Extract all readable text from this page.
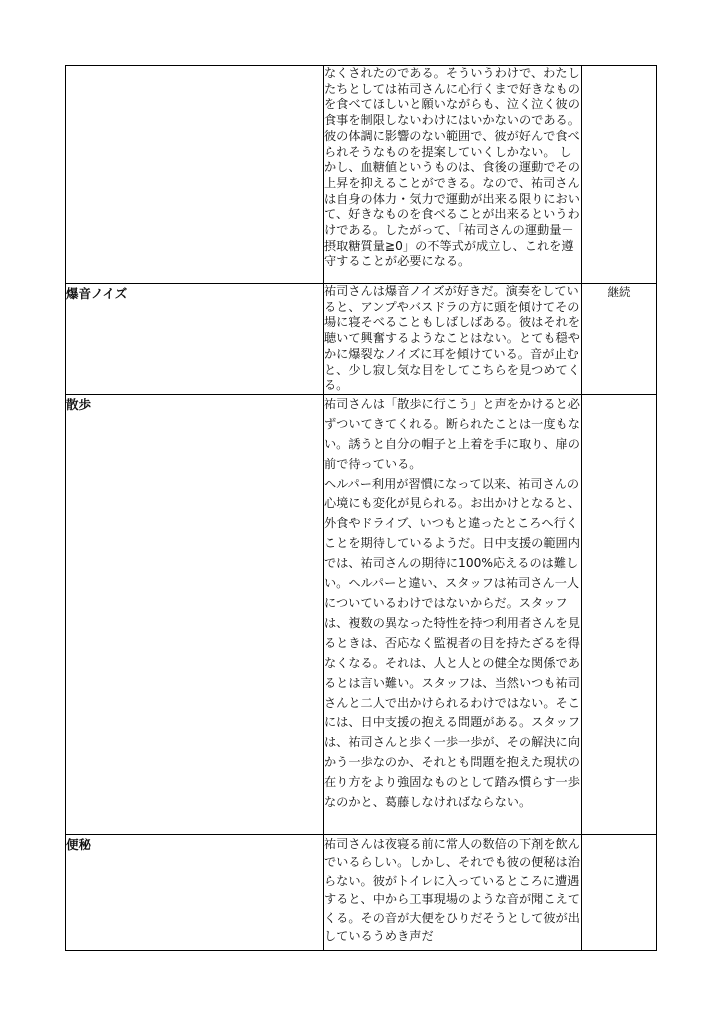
	なくされたのである。そういうわけで、わたしたちとしては祐司さんに心行くまで好きなものを食べてほしいと願いながらも、泣く泣く彼の食事を制限しないわけにはいかないのである。彼の体調に影響のない範囲で、彼が好んで食べられそうなものを提案していくしかない。 しかし、血糖値というものは、食後の運動でその上昇を抑えることができる。なので、祐司さんは自身の体力・気力で運動が出来る限りにおいて、好きなものを食べることが出来るというわけである。したがって、「祐司さんの運動量－摂取糖質量≧0」の不等式が成立し、これを遵守することが必要になる。	

爆音ノイズ	祐司さんは爆音ノイズが好きだ。演奏をしていると、アンプやバスドラの方に頭を傾けてその場に寝そべることもしばしばある。彼はそれを聴いて興奮するようなことはない。とても穏やかに爆裂なノイズに耳を傾けている。音が止むと、少し寂し気な目をしてこちらを見つめてくる。	継続
散歩	祐司さんは「散歩に行こう」と声をかけると必ずついてきてくれる。断られたことは一度もない。誘うと自分の帽子と上着を手に取り、扉の前で待っている。

ヘルパー利用が習慣になって以来、祐司さんの心境にも変化が見られる。お出かけとなると、外食やドライブ、いつもと違ったところへ行くことを期待しているようだ。日中支援の範囲内では、祐司さんの期待に100%応えるのは難しい。ヘルパーと違い、スタッフは祐司さん一人についているわけではないからだ。スタッフは、複数の異なった特性を持つ利用者さんを見るときは、否応なく監視者の目を持たざるを得なくなる。それは、人と人との健全な関係であるとは言い難い。スタッフは、当然いつも祐司さんと二人で出かけられるわけではない。そこには、日中支援の抱える問題がある。スタッフは、祐司さんと歩く一歩一歩が、その解決に向かう一歩なのか、それとも問題を抱えた現状の在り方をより強固なものとして踏み慣らす一歩なのかと、葛藤しなければならない。	

便秘	祐司さんは夜寝る前に常人の数倍の下剤を飲んでいるらしい。しかし、それでも彼の便秘は治らない。彼がトイレに入っているところに遭遇すると、中から工事現場のような音が聞こえてくる。その音が大便をひりだそうとして彼が出しているうめき声だ	
